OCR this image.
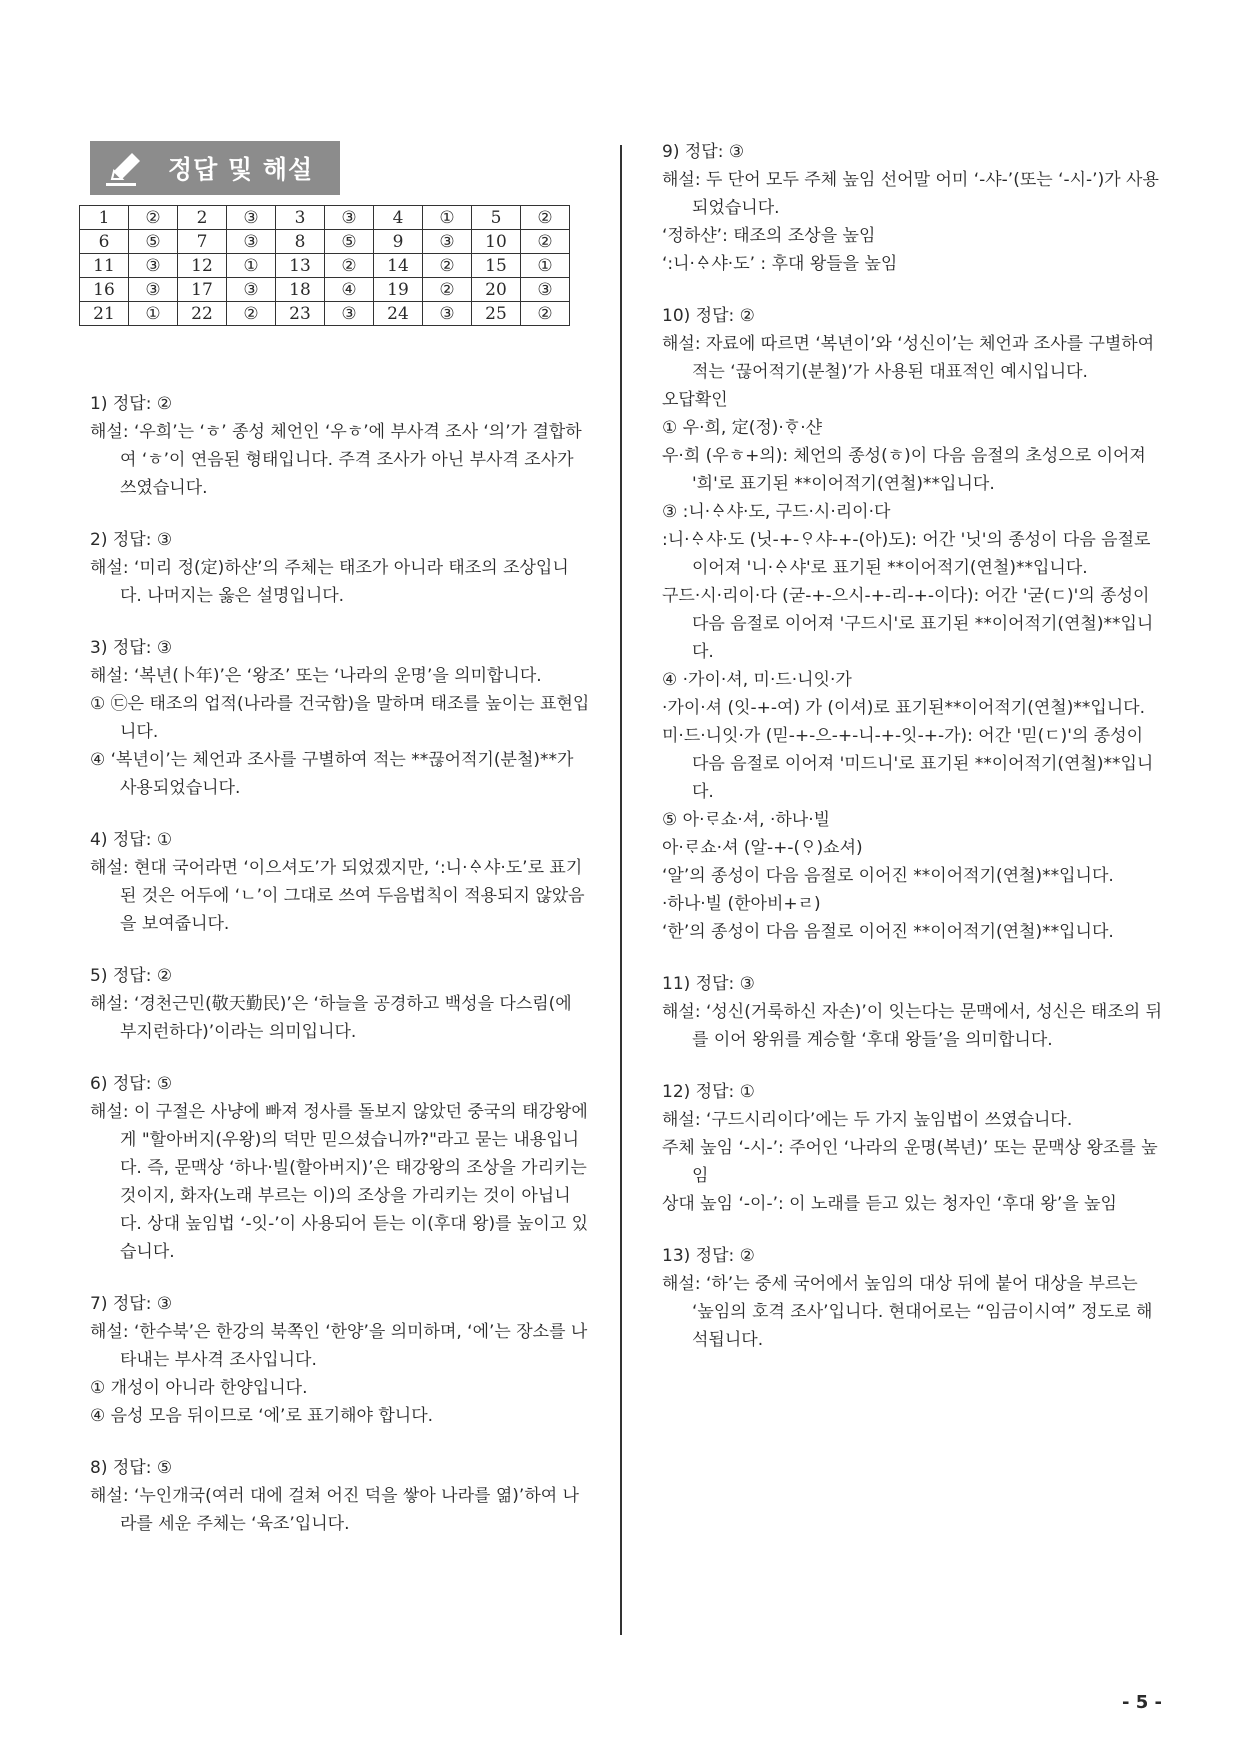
정답 및 해설
1	②	2	③	3	③	4	①	5	②
6	⑤	7	③	8	⑤	9	③	10	②
11	③	12	①	13	②	14	②	15	①
16	③	17	③	18	④	19	②	20	③
21	①	22	②	23	③	24	③	25	②
1) 정답: ②
해설: ‘우희’는 ‘ㅎ’ 종성 체언인 ‘우ㅎ’에 부사격 조사 ‘의’가 결합하여 ‘ㅎ’이 연음된 형태입니다. 주격 조사가 아닌 부사격 조사가 쓰였습니다.
2) 정답: ③
해설: ‘미리 정(定)하샨’의 주체는 태조가 아니라 태조의 조상입니다. 나머지는 옳은 설명입니다.
3) 정답: ③
해설: ‘복년(卜年)’은 ‘왕조’ 또는 ‘나라의 운명’을 의미합니다.
① ㉢은 태조의 업적(나라를 건국함)을 말하며 태조를 높이는 표현입니다.
④ ‘복년이’는 체언과 조사를 구별하여 적는 **끊어적기(분철)**가 사용되었습니다.
4) 정답: ①
해설: 현대 국어라면 ‘이으셔도’가 되었겠지만, ‘:니·ᅀᆞ샤·도’로 표기된 것은 어두에 ‘ㄴ’이 그대로 쓰여 두음법칙이 적용되지 않았음을 보여줍니다.
5) 정답: ②
해설: ‘경천근민(敬天勤民)’은 ‘하늘을 공경하고 백성을 다스림(에 부지런하다)’이라는 의미입니다.
6) 정답: ⑤
해설: 이 구절은 사냥에 빠져 정사를 돌보지 않았던 중국의 태강왕에게 "할아버지(우왕)의 덕만 믿으셨습니까?"라고 묻는 내용입니다. 즉, 문맥상 ‘하나·빌(할아버지)’은 태강왕의 조상을 가리키는 것이지, 화자(노래 부르는 이)의 조상을 가리키는 것이 아닙니다. 상대 높임법 ‘-잇-’이 사용되어 듣는 이(후대 왕)를 높이고 있습니다.
7) 정답: ③
해설: ‘한수북’은 한강의 북쪽인 ‘한양’을 의미하며, ‘에’는 장소를 나타내는 부사격 조사입니다.
① 개성이 아니라 한양입니다.
④ 음성 모음 뒤이므로 ‘에’로 표기해야 합니다.
8) 정답: ⑤
해설: ‘누인개국(여러 대에 걸쳐 어진 덕을 쌓아 나라를 엶)’하여 나라를 세운 주체는 ‘육조’입니다.
9) 정답: ③
해설: 두 단어 모두 주체 높임 선어말 어미 ‘-샤-’(또는 ‘-시-’)가 사용되었습니다.
‘정하샨’: 태조의 조상을 높임
‘:니·ᅀᆞ샤·도’ : 후대 왕들을 높임
10) 정답: ②
해설: 자료에 따르면 ‘복년이’와 ‘성신이’는 체언과 조사를 구별하여 적는 ‘끊어적기(분철)’가 사용된 대표적인 예시입니다.
오답확인
① 우·희, 定(정)·ᄒᆞ·샨
우·희 (우ㅎ+의): 체언의 종성(ㅎ)이 다음 음절의 초성으로 이어져 '희'로 표기된 **이어적기(연철)**입니다.
③ :니·ᅀᆞ샤·도, 구드·시·리이·다
:니·ᅀᆞ샤·도 (닛-+-ᄋᆞ샤-+-(아)도): 어간 '닛'의 종성이 다음 음절로 이어져 '니·ᅀᆞ샤'로 표기된 **이어적기(연철)**입니다.
구드·시·리이·다 (굳-+-으시-+-리-+-이다): 어간 '굳(ㄷ)'의 종성이 다음 음절로 이어져 '구드시'로 표기된 **이어적기(연철)**입니다.
④ ·가이·셔, 미·드·니잇·가
·가이·셔 (잇-+-여) 가 (이셔)로 표기된**이어적기(연철)**입니다.
미·드·니잇·가 (믿-+-으-+-니-+-잇-+-가): 어간 '믿(ㄷ)'의 종성이 다음 음절로 이어져 '미드니'로 표기된 **이어적기(연철)**입니다.
⑤ 아·ᄅᆞ쇼·셔, ·하나·빌
아·ᄅᆞ쇼·셔 (알-+-(ᄋᆞ)쇼셔)
‘알’의 종성이 다음 음절로 이어진 **이어적기(연철)**입니다.
·하나·빌 (한아비+ㄹ)
‘한’의 종성이 다음 음절로 이어진 **이어적기(연철)**입니다.
11) 정답: ③
해설: ‘성신(거룩하신 자손)’이 잇는다는 문맥에서, 성신은 태조의 뒤를 이어 왕위를 계승할 ‘후대 왕들’을 의미합니다.
12) 정답: ①
해설: ‘구드시리이다’에는 두 가지 높임법이 쓰였습니다.
주체 높임 ‘-시-’: 주어인 ‘나라의 운명(복년)’ 또는 문맥상 왕조를 높임
상대 높임 ‘-이-’: 이 노래를 듣고 있는 청자인 ‘후대 왕’을 높임
13) 정답: ②
해설: ‘하’는 중세 국어에서 높임의 대상 뒤에 붙어 대상을 부르는 ‘높임의 호격 조사’입니다. 현대어로는 “임금이시여” 정도로 해석됩니다.
- 5 -
